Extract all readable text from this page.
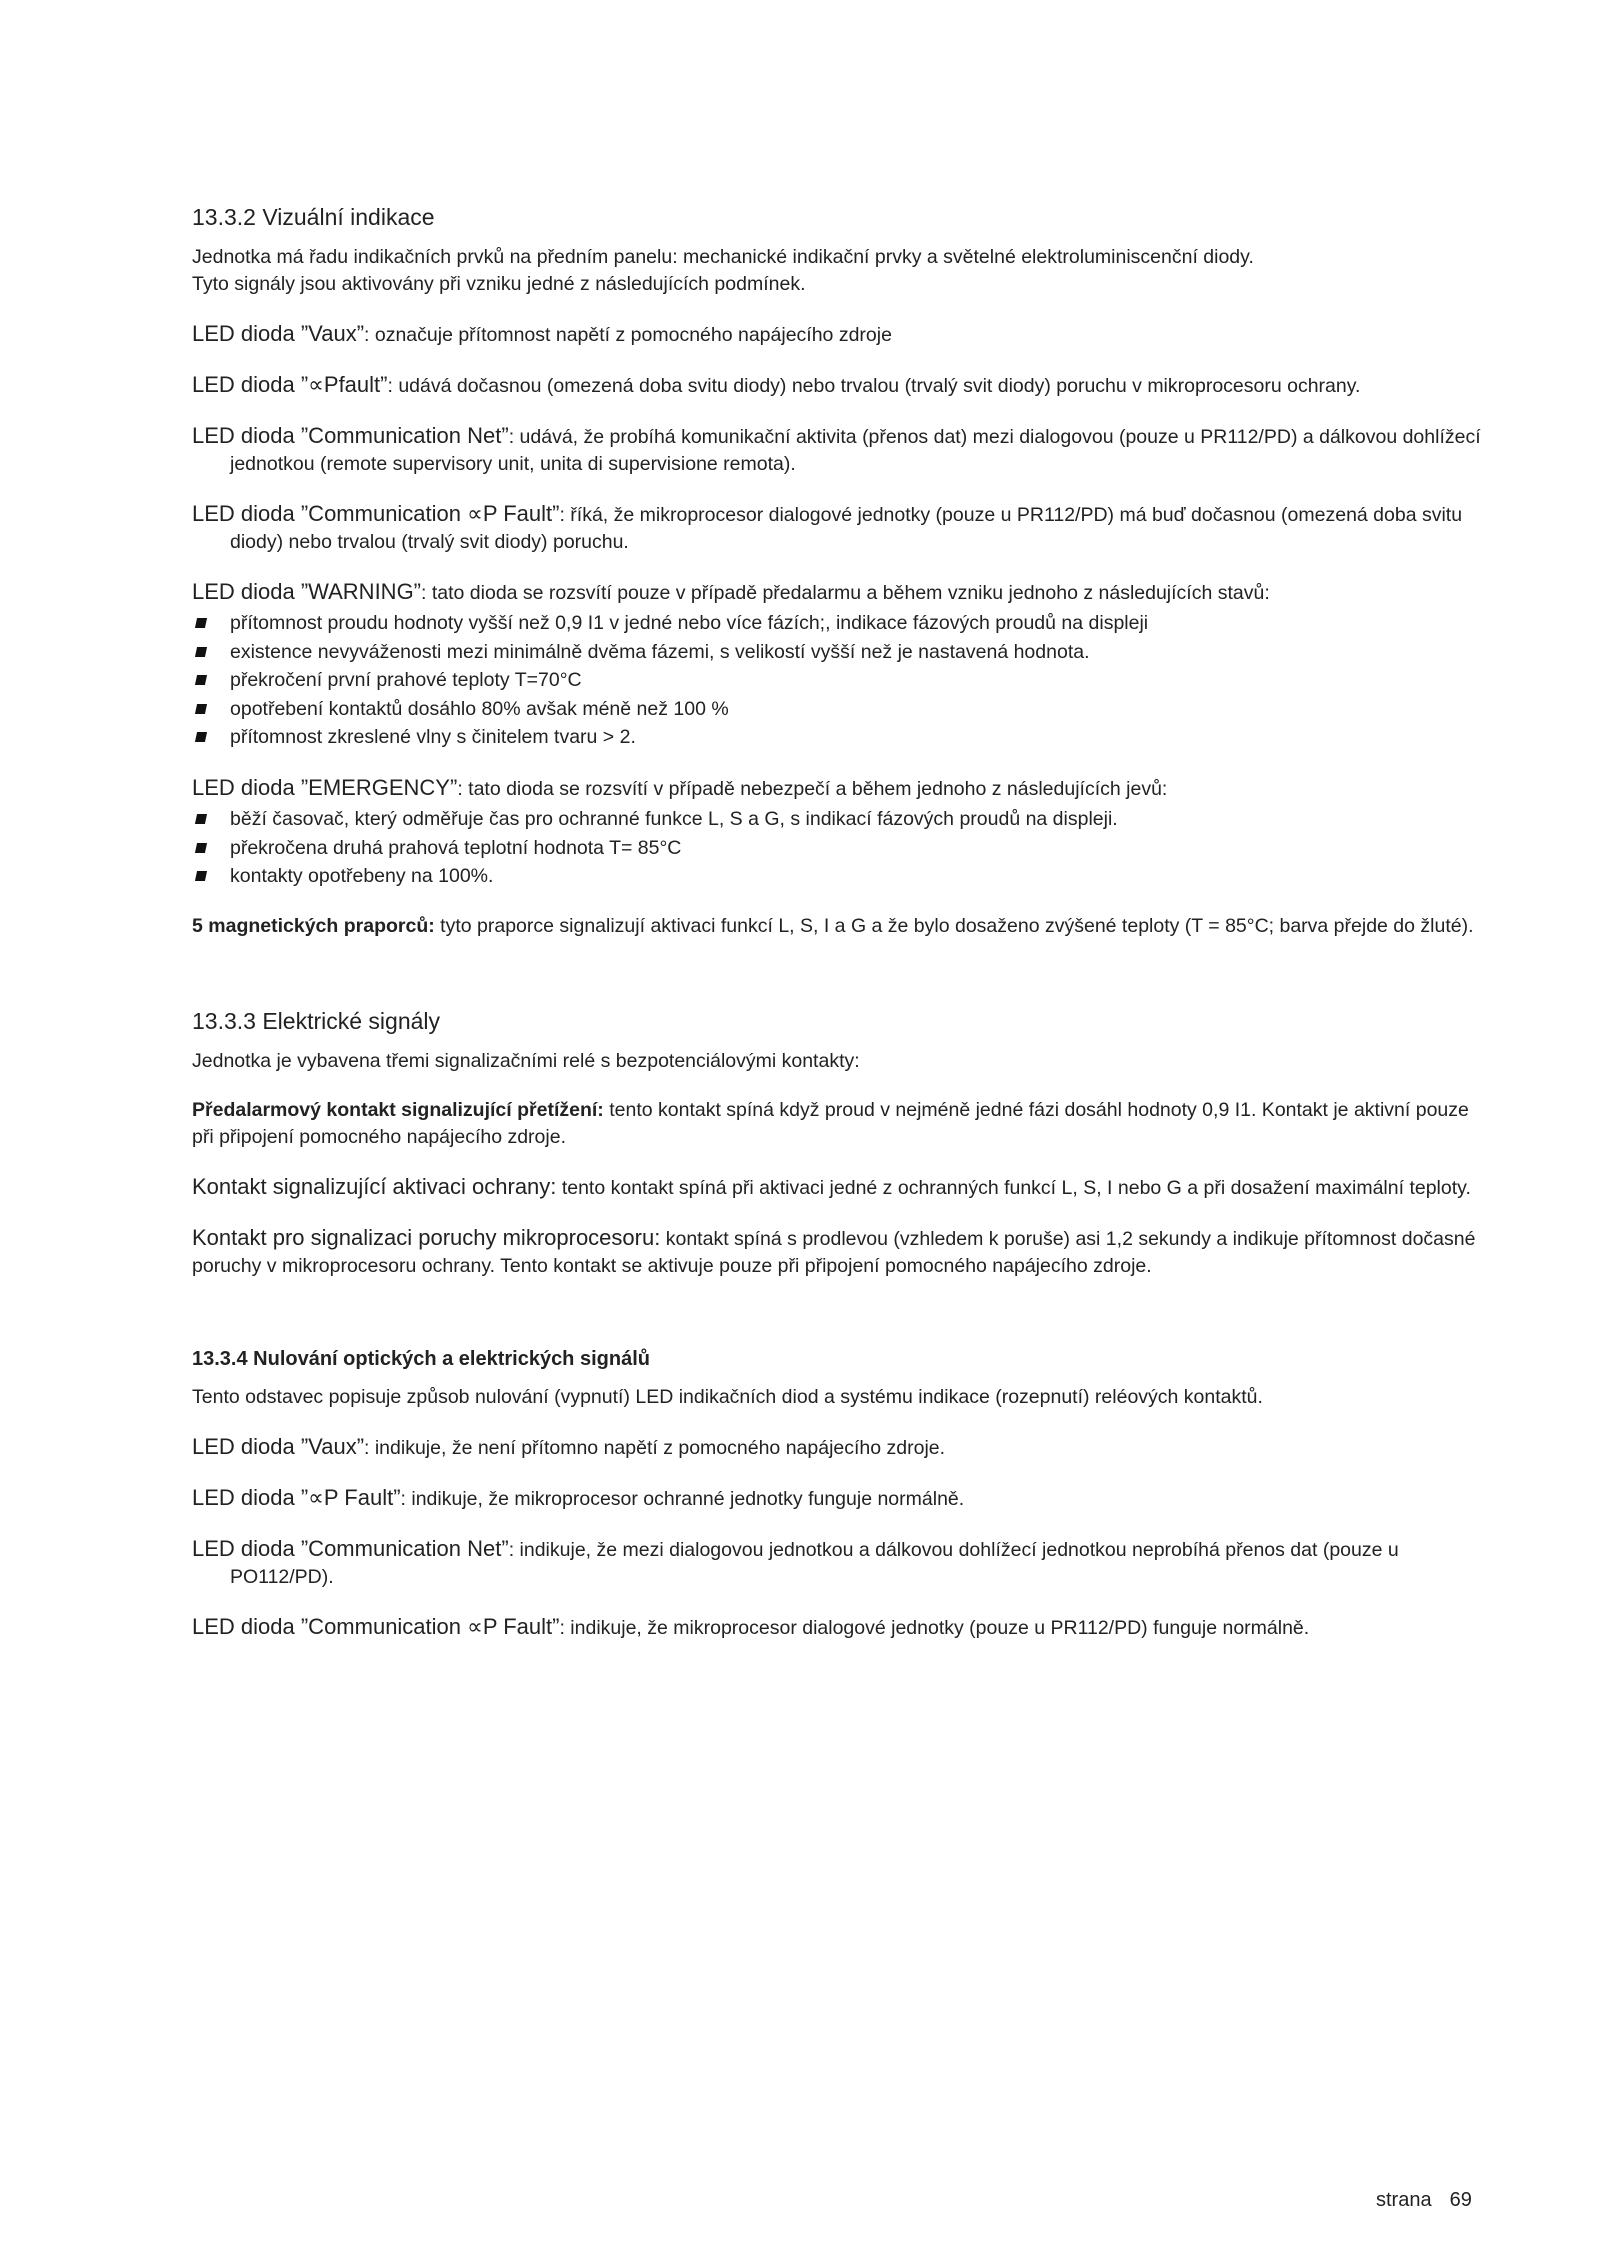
13.3.2 Vizuální indikace

Jednotka má řadu indikačních prvků na předním panelu: mechanické indikační prvky a světelné elektroluminiscenční diody.
Tyto signály jsou aktivovány při vzniku jedné z následujících podmínek.

LED dioda ”Vaux”: označuje přítomnost napětí z pomocného napájecího zdroje

LED dioda ”∝Pfault”: udává dočasnou (omezená doba svitu diody) nebo trvalou (trvalý svit diody) poruchu v mikroprocesoru ochrany.

LED dioda ”Communication Net”: udává, že probíhá komunikační aktivita (přenos dat) mezi dialogovou (pouze u PR112/PD) a dálkovou dohlížecí jednotkou (remote supervisory unit, unita di supervisione remota).

LED dioda ”Communication ∝P Fault”: říká, že mikroprocesor dialogové jednotky (pouze u PR112/PD) má buď dočasnou (omezená doba svitu diody) nebo trvalou (trvalý svit diody) poruchu.

LED dioda ”WARNING”: tato dioda se rozsvítí pouze v případě předalarmu a během vzniku jednoho z následujících stavů:

přítomnost proudu hodnoty vyšší než 0,9 I1 v jedné nebo více fázích;, indikace fázových proudů na displeji
existence nevyváženosti mezi minimálně dvěma fázemi, s velikostí vyšší než je nastavená hodnota.
překročení první prahové teploty T=70°C
opotřebení kontaktů dosáhlo 80% avšak méně než 100 %
přítomnost zkreslené vlny s činitelem tvaru > 2.

LED dioda ”EMERGENCY”: tato dioda se rozsvítí v případě nebezpečí a během jednoho z následujících jevů:

běží časovač, který odměřuje čas pro ochranné funkce L, S a G, s indikací fázových proudů na displeji.
překročena druhá prahová teplotní hodnota T= 85°C
kontakty opotřebeny na 100%.

5 magnetických praporců: tyto praporce signalizují aktivaci funkcí L, S, I a G a že bylo dosaženo zvýšené teploty (T = 85°C; barva přejde do žluté).

13.3.3 Elektrické signály

Jednotka je vybavena třemi signalizačními relé s bezpotenciálovými kontakty:

Předalarmový kontakt signalizující přetížení: tento kontakt spíná když proud v nejméně jedné fázi dosáhl hodnoty 0,9 I1. Kontakt je aktivní pouze při připojení pomocného napájecího zdroje.

Kontakt signalizující aktivaci ochrany: tento kontakt spíná při aktivaci jedné z ochranných funkcí L, S, I nebo G a při dosažení maximální teploty.

Kontakt pro signalizaci poruchy mikroprocesoru: kontakt spíná s prodlevou (vzhledem k poruše) asi 1,2 sekundy a indikuje přítomnost dočasné poruchy v mikroprocesoru ochrany. Tento kontakt se aktivuje pouze při připojení pomocného napájecího zdroje.

13.3.4 Nulování optických a elektrických signálů

Tento odstavec popisuje způsob nulování (vypnutí) LED indikačních diod a systému indikace (rozepnutí) reléových kontaktů.

LED dioda ”Vaux”: indikuje, že není přítomno napětí z pomocného napájecího zdroje.

LED dioda ”∝P Fault”: indikuje, že mikroprocesor ochranné jednotky funguje normálně.

LED dioda ”Communication Net”: indikuje, že mezi dialogovou jednotkou a dálkovou dohlížecí jednotkou neprobíhá přenos dat (pouze u PO112/PD).

LED dioda ”Communication ∝P Fault”: indikuje, že mikroprocesor dialogové jednotky (pouze u PR112/PD) funguje normálně.

strana 69
